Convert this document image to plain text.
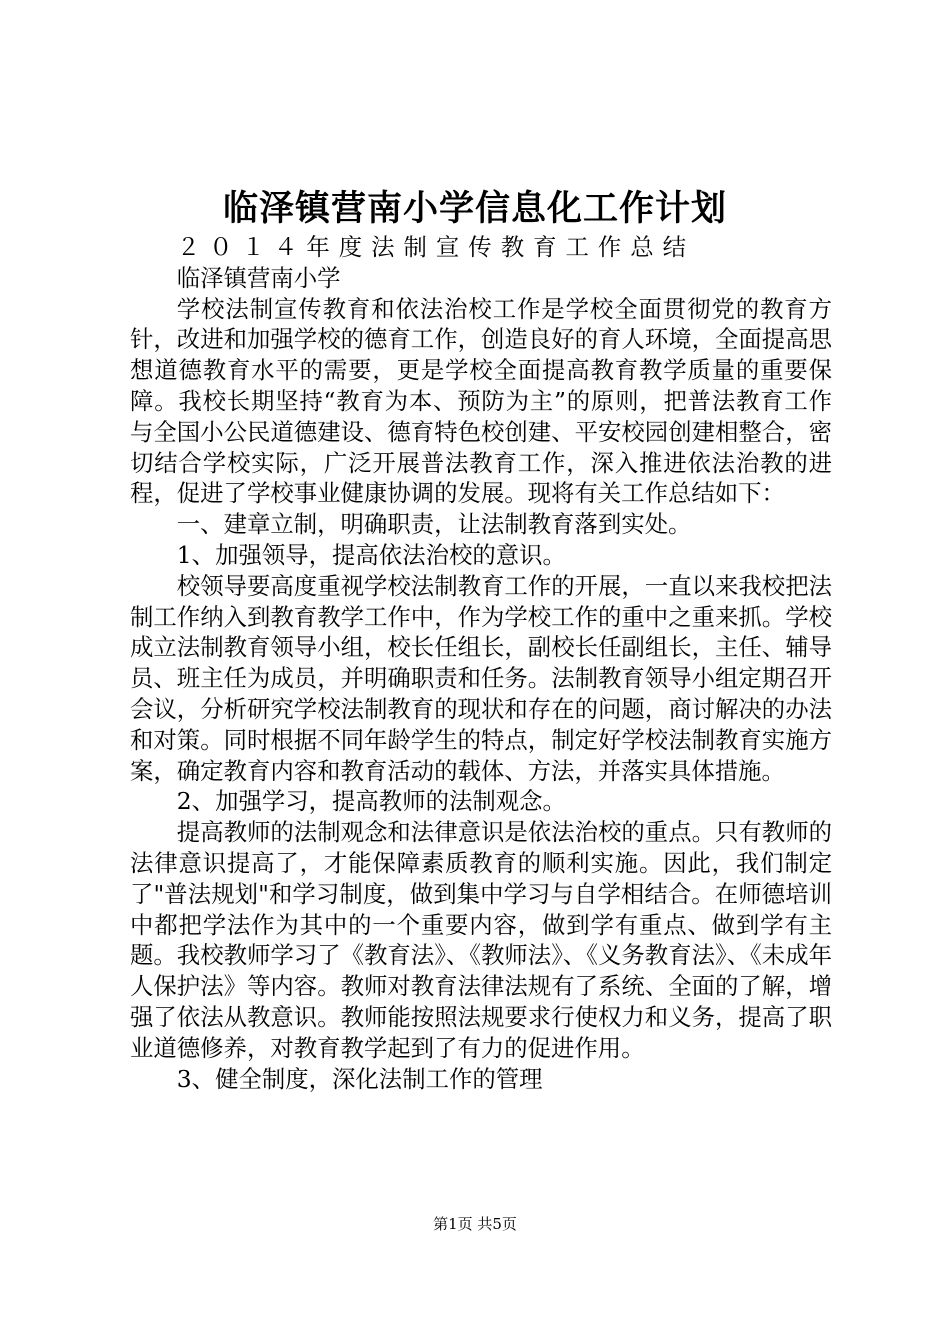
临泽镇营南小学信息化工作计划

２０１４年度法制宣传教育工作总结

临泽镇营南小学

学校法制宣传教育和依法治校工作是学校全面贯彻党的教育方针，改进和加强学校的德育工作，创造良好的育人环境，全面提高思想道德教育水平的需要，更是学校全面提高教育教学质量的重要保障。我校长期坚持“教育为本、预防为主”的原则，把普法教育工作与全国小公民道德建设、德育特色校创建、平安校园创建相整合，密切结合学校实际，广泛开展普法教育工作，深入推进依法治教的进程，促进了学校事业健康协调的发展。现将有关工作总结如下：

一、建章立制，明确职责，让法制教育落到实处。

1、加强领导，提高依法治校的意识。

校领导要高度重视学校法制教育工作的开展，一直以来我校把法制工作纳入到教育教学工作中，作为学校工作的重中之重来抓。学校成立法制教育领导小组，校长任组长，副校长任副组长，主任、辅导员、班主任为成员，并明确职责和任务。法制教育领导小组定期召开会议，分析研究学校法制教育的现状和存在的问题，商讨解决的办法和对策。同时根据不同年龄学生的特点，制定好学校法制教育实施方案，确定教育内容和教育活动的载体、方法，并落实具体措施。

2、加强学习，提高教师的法制观念。

提高教师的法制观念和法律意识是依法治校的重点。只有教师的法律意识提高了，才能保障素质教育的顺利实施。因此，我们制定了"普法规划"和学习制度，做到集中学习与自学相结合。在师德培训中都把学法作为其中的一个重要内容，做到学有重点、做到学有主题。我校教师学习了《教育法》、《教师法》、《义务教育法》、《未成年人保护法》等内容。教师对教育法律法规有了系统、全面的了解，增强了依法从教意识。教师能按照法规要求行使权力和义务，提高了职业道德修养，对教育教学起到了有力的促进作用。

3、健全制度，深化法制工作的管理

第1页 共5页
